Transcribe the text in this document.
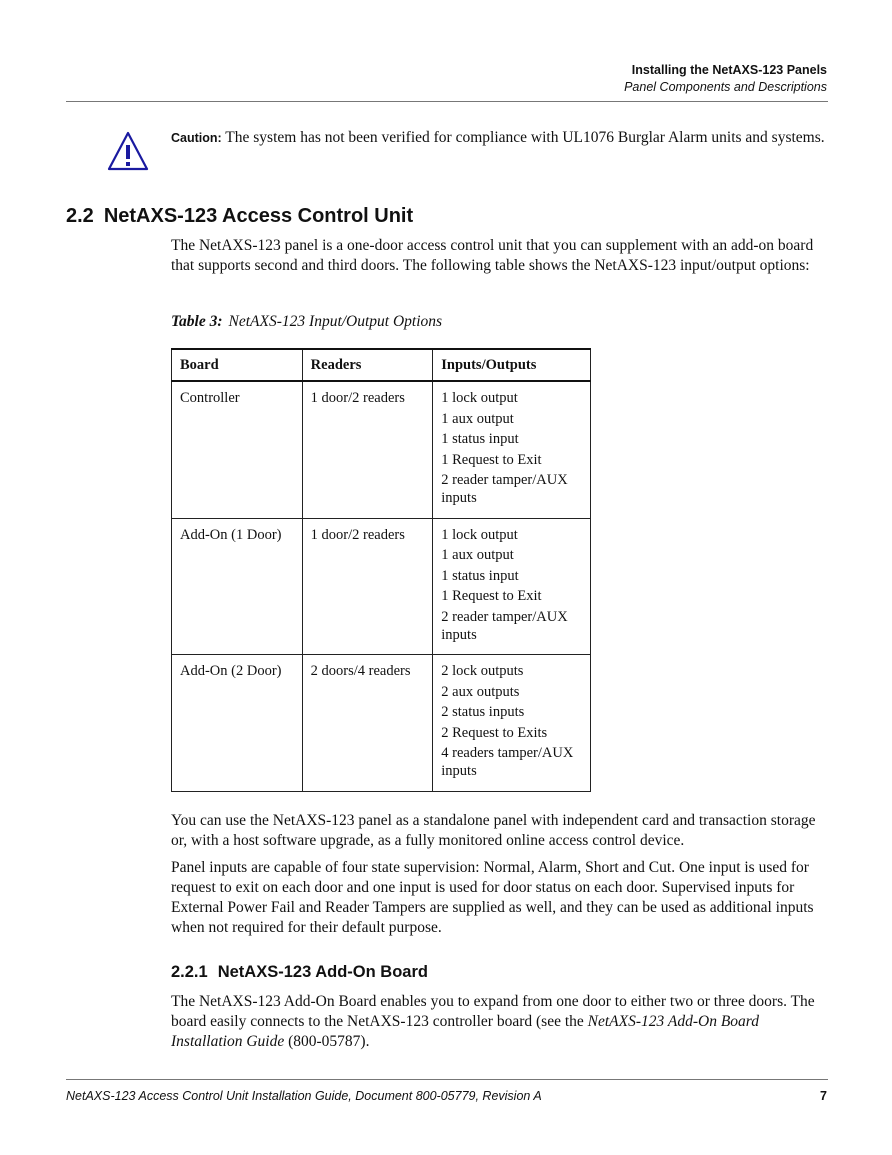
Installing the NetAXS-123 Panels
Panel Components and Descriptions
Caution: The system has not been verified for compliance with UL1076 Burglar Alarm units and systems.
2.2 NetAXS-123 Access Control Unit
The NetAXS-123 panel is a one-door access control unit that you can supplement with an add-on board that supports second and third doors. The following table shows the NetAXS-123 input/output options:
Table 3: NetAXS-123 Input/Output Options
Board	Readers	Inputs/Outputs

Controller	1 door/2 readers	1 lock output
1 aux output
1 status input
1 Request to Exit
2 reader tamper/AUX inputs

Add-On (1 Door)	1 door/2 readers	1 lock output
1 aux output
1 status input
1 Request to Exit
2 reader tamper/AUX inputs

Add-On (2 Door)	2 doors/4 readers	2 lock outputs
2 aux outputs
2 status inputs
2 Request to Exits
4 readers tamper/AUX inputs
You can use the NetAXS-123 panel as a standalone panel with independent card and transaction storage or, with a host software upgrade, as a fully monitored online access control device.
Panel inputs are capable of four state supervision: Normal, Alarm, Short and Cut. One input is used for request to exit on each door and one input is used for door status on each door. Supervised inputs for External Power Fail and Reader Tampers are supplied as well, and they can be used as additional inputs when not required for their default purpose.
2.2.1 NetAXS-123 Add-On Board
The NetAXS-123 Add-On Board enables you to expand from one door to either two or three doors. The board easily connects to the NetAXS-123 controller board (see the NetAXS-123 Add-On Board Installation Guide (800-05787).
NetAXS-123 Access Control Unit Installation Guide, Document 800-05779, Revision A	7
